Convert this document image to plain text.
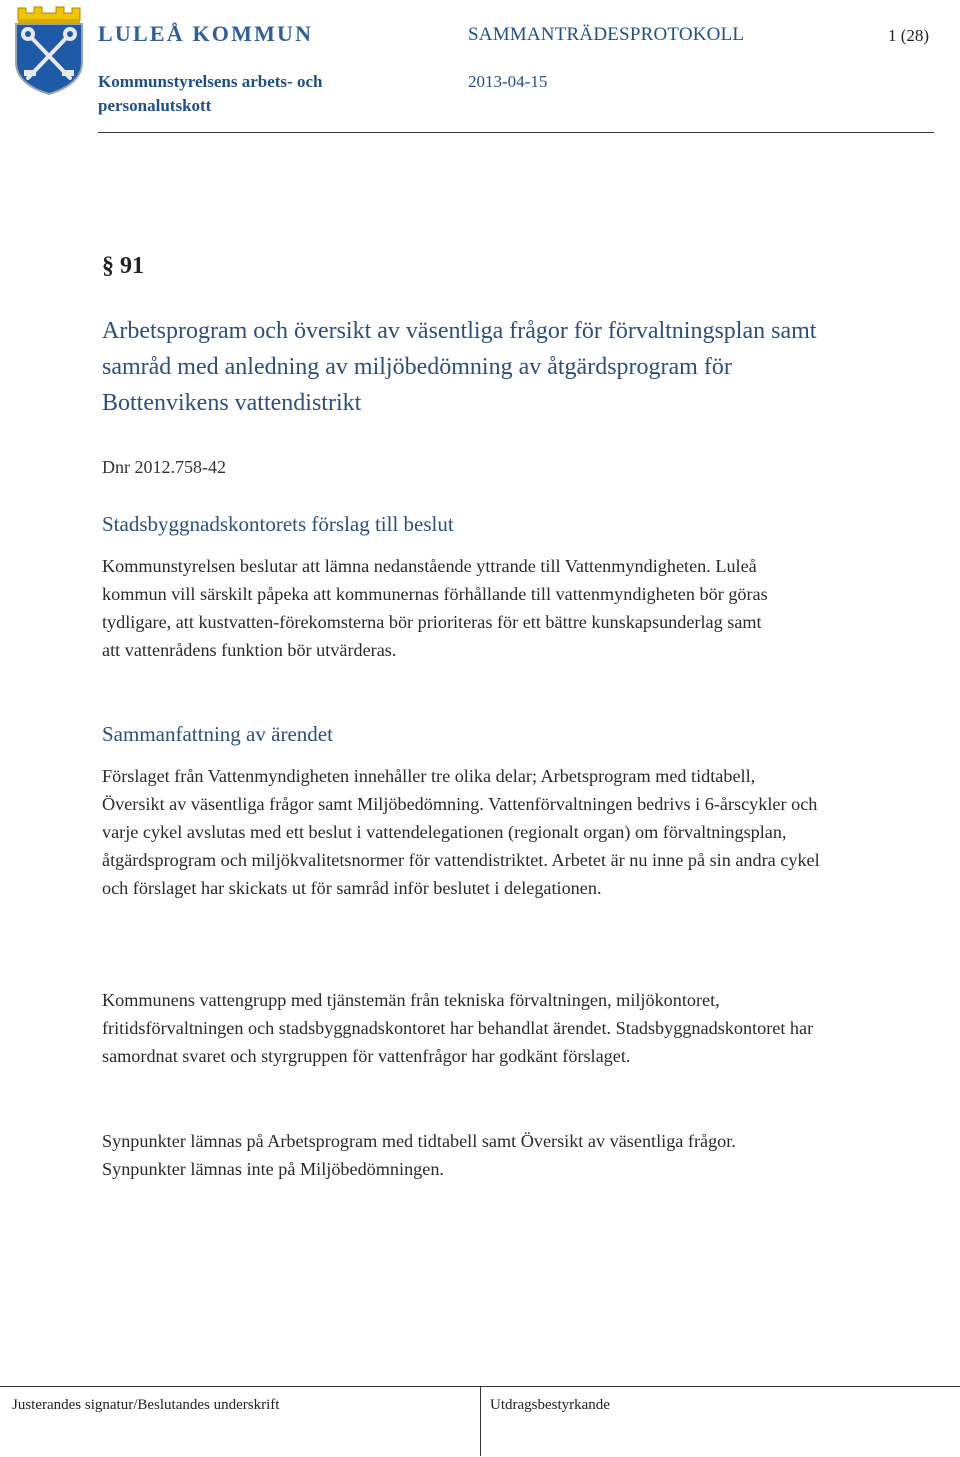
LULEÅ KOMMUN	SAMMANTRÄDESPROTOKOLL	1 (28)
Kommunstyrelsens arbets- och personalutskott
2013-04-15
§ 91
Arbetsprogram och översikt av väsentliga frågor för förvaltningsplan samt samråd med anledning av miljöbedömning av åtgärdsprogram för Bottenvikens vattendistrikt
Dnr 2012.758-42
Stadsbyggnadskontorets förslag till beslut
Kommunstyrelsen beslutar att lämna nedanstående yttrande till Vattenmyndigheten. Luleå kommun vill särskilt påpeka att kommunernas förhållande till vattenmyndigheten bör göras tydligare, att kustvatten-förekomsterna bör prioriteras för ett bättre kunskapsunderlag samt att vattenrådens funktion bör utvärderas.
Sammanfattning av ärendet
Förslaget från Vattenmyndigheten innehåller tre olika delar; Arbetsprogram med tidtabell, Översikt av väsentliga frågor samt Miljöbedömning. Vattenförvaltningen bedrivs i 6-årscykler och varje cykel avslutas med ett beslut i vattendelegationen (regionalt organ) om förvaltningsplan, åtgärdsprogram och miljökvalitetsnormer för vattendistriktet. Arbetet är nu inne på sin andra cykel och förslaget har skickats ut för samråd inför beslutet i delegationen.
Kommunens vattengrupp med tjänstemän från tekniska förvaltningen, miljökontoret, fritidsförvaltningen och stadsbyggnadskontoret har behandlat ärendet. Stadsbyggnadskontoret har samordnat svaret och styrgruppen för vattenfrågor har godkänt förslaget.
Synpunkter lämnas på Arbetsprogram med tidtabell samt Översikt av väsentliga frågor. Synpunkter lämnas inte på Miljöbedömningen.
Justerandes signatur/Beslutandes underskrift	Utdragsbestyrkande
